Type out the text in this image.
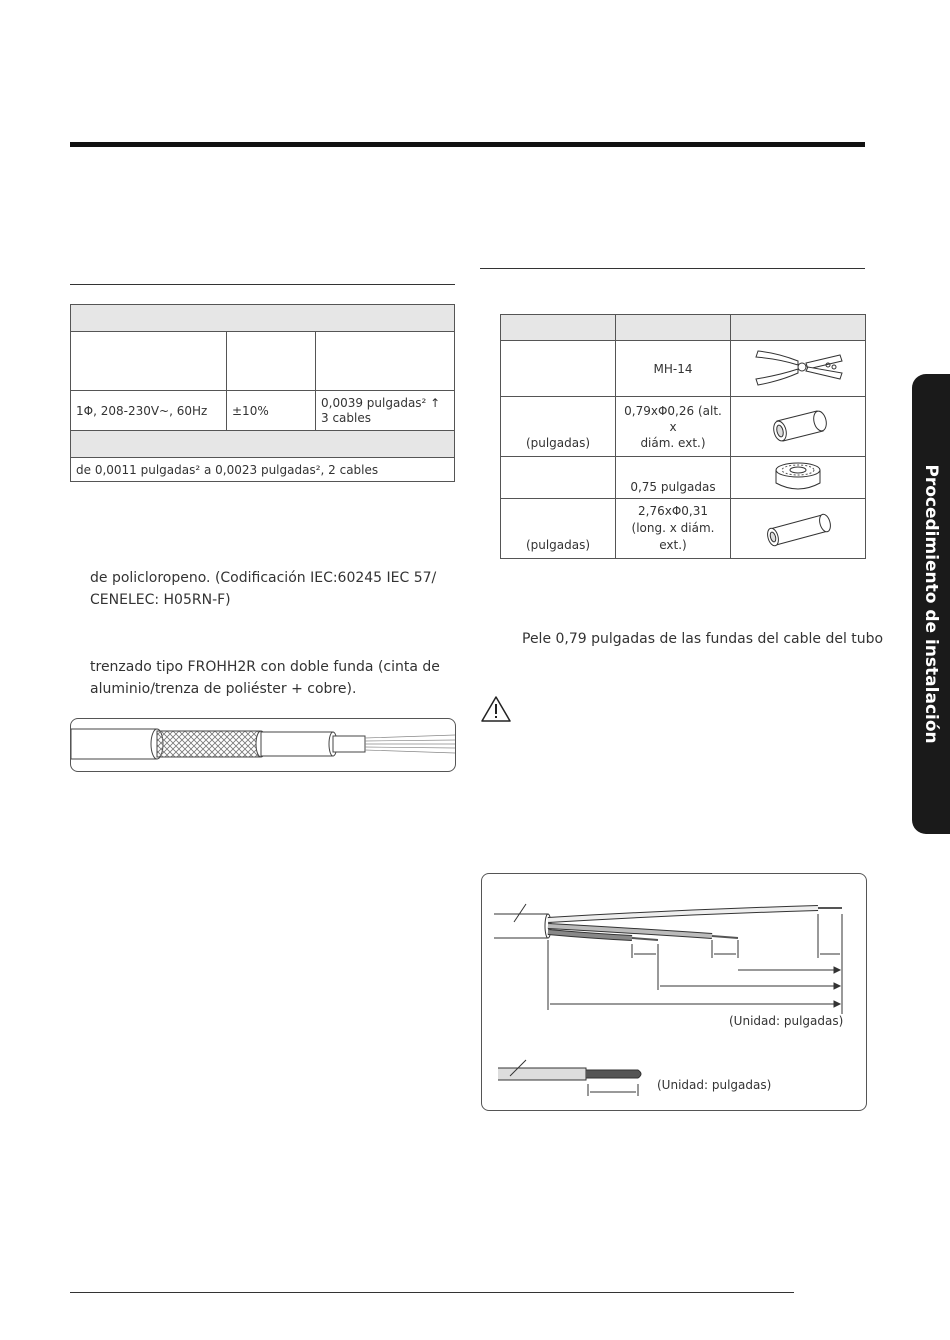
1Φ, 208-230V~, 60Hz	±10%	0,0039 pulgadas² ↑
3 cables

de 0,0011 pulgadas² a 0,0023 pulgadas², 2 cables		
de policloropeno. (Codificación IEC:60245 IEC 57/
CENELEC: H05RN-F)
trenzado tipo FROHH2R con doble funda (cinta de
aluminio/trenza de poliéster + cobre).

	MH-14	
(pulgadas)	0,79xΦ0,26 (alt. x
diám. ext.)

	0,75 pulgadas	
(pulgadas)	2,76xΦ0,31
(long. x diám.
ext.)

Pele 0,79 pulgadas de las fundas del cable del tubo
(Unidad: pulgadas)
(Unidad: pulgadas)
Procedimiento de instalación
